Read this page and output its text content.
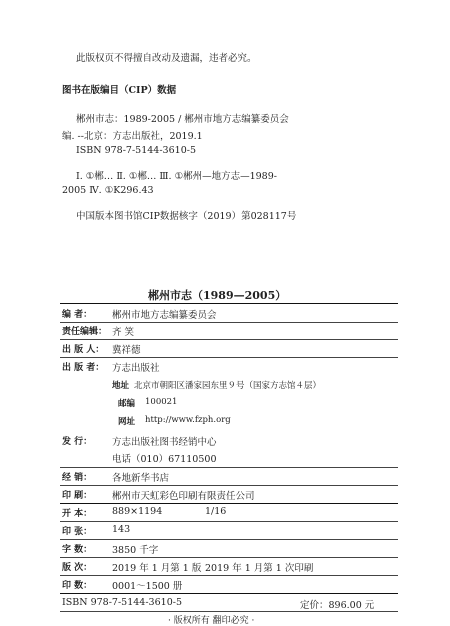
此版权页不得擅自改动及遗漏，违者必究。
图书在版编目（CIP）数据
郴州市志：1989-2005 / 郴州市地方志编纂委员会
编. --北京：方志出版社，2019.1
ISBN 978-7-5144-3610-5
Ⅰ. ①郴… Ⅱ. ①郴… Ⅲ. ①郴州—地方志—1989-
2005 Ⅳ. ①K296.43
中国版本图书馆CIP数据核字（2019）第028117号
郴州市志（1989—2005）
编 者： 郴州市地方志编纂委员会
责任编辑： 齐 笑
出 版 人： 冀祥德
出 版 者： 方志出版社
地址 北京市朝阳区潘家园东里９号（国家方志馆４层）
邮编 100021
网址 http://www.fzph.org
发 行： 方志出版社图书经销中心
电话（010）67110500
经 销： 各地新华书店
印 刷： 郴州市天虹彩色印刷有限责任公司
开 本： 889×1194	1/16
印 张： 143
字 数： 3850 千字
版 次： 2019 年 1 月第 1 版 2019 年 1 月第 1 次印刷
印 数： 0001～1500 册
ISBN 978-7-5144-3610-5	定价：896.00 元
· 版权所有 翻印必究 ·
